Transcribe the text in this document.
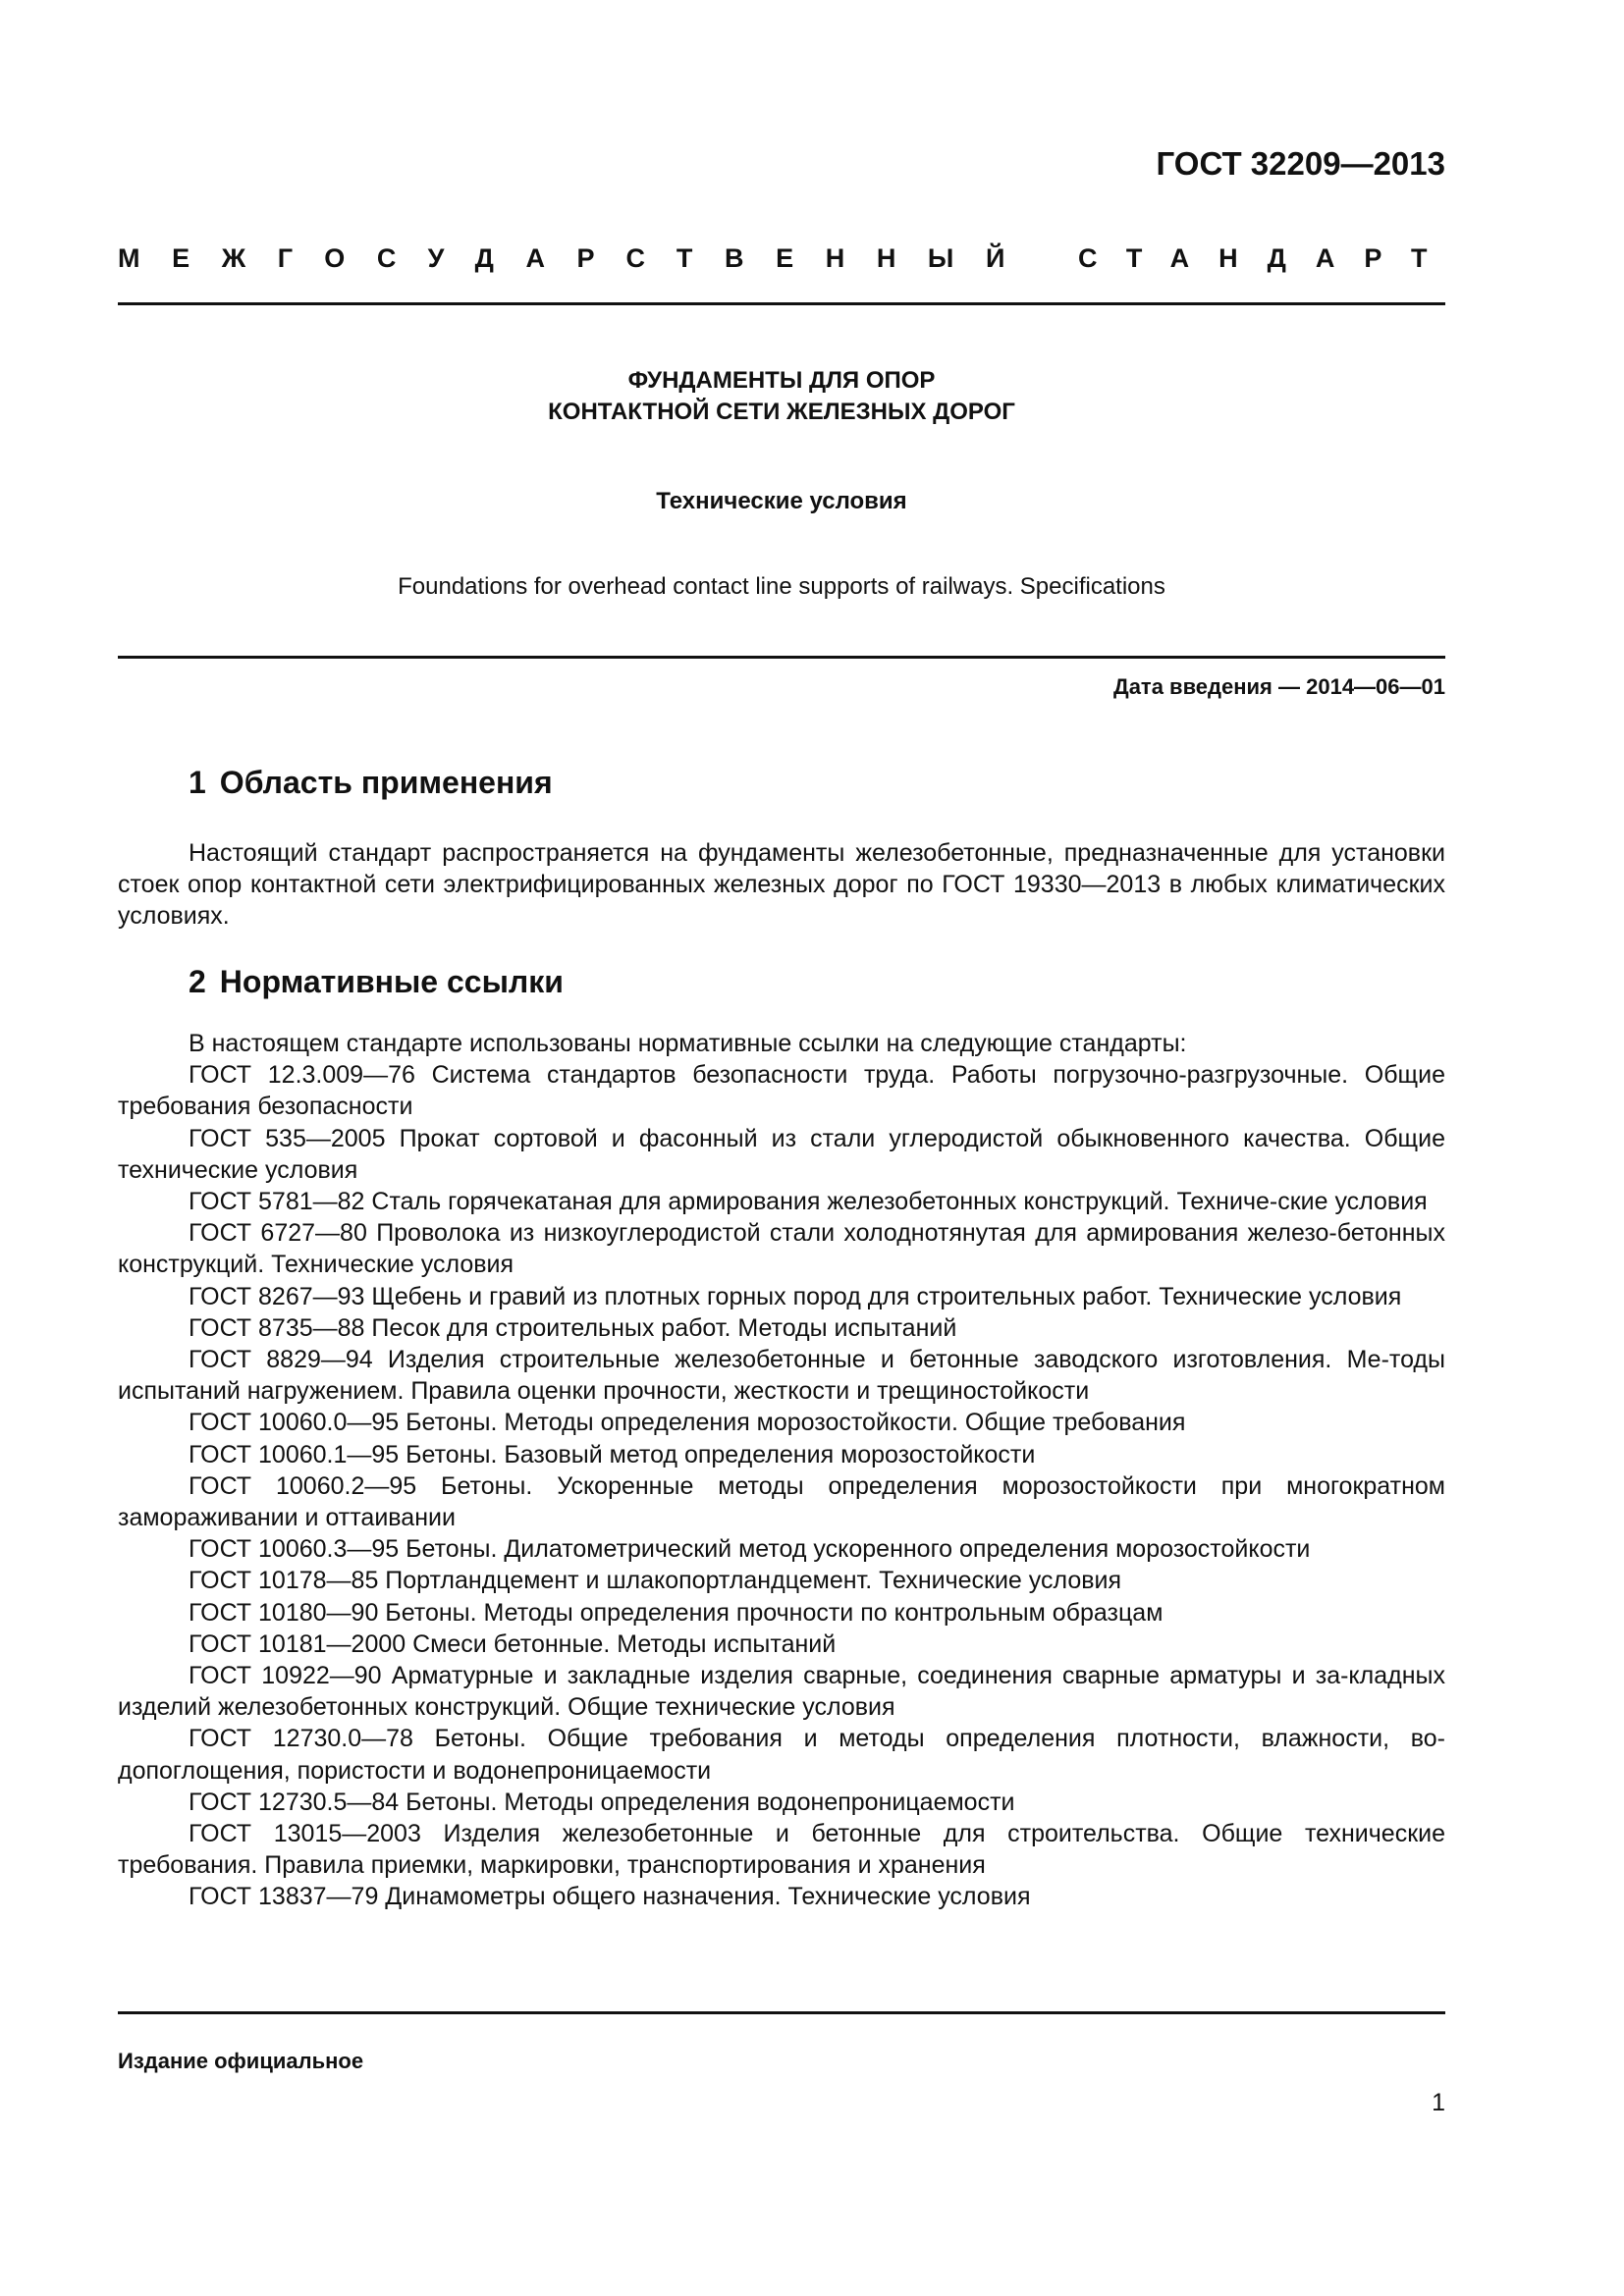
ГОСТ 32209—2013
МЕЖГОСУДАРСТВЕННЫЙ СТАНДАРТ
ФУНДАМЕНТЫ ДЛЯ ОПОР
КОНТАКТНОЙ СЕТИ ЖЕЛЕЗНЫХ ДОРОГ
Технические условия
Foundations for overhead contact line supports of railways. Specifications
Дата введения — 2014—06—01
1 Область применения

Настоящий стандарт распространяется на фундаменты железобетонные, предназначенные для установки стоек опор контактной сети электрифицированных железных дорог по ГОСТ 19330—2013 в любых климатических условиях.

2 Нормативные ссылки

В настоящем стандарте использованы нормативные ссылки на следующие стандарты:

ГОСТ 12.3.009—76 Система стандартов безопасности труда. Работы погрузочно-разгрузочные. Общие требования безопасности

ГОСТ 535—2005 Прокат сортовой и фасонный из стали углеродистой обыкновенного качества. Общие технические условия

ГОСТ 5781—82 Сталь горячекатаная для армирования железобетонных конструкций. Техниче-ские условия

ГОСТ 6727—80 Проволока из низкоуглеродистой стали холоднотянутая для армирования железо-бетонных конструкций. Технические условия

ГОСТ 8267—93 Щебень и гравий из плотных горных пород для строительных работ. Технические условия

ГОСТ 8735—88 Песок для строительных работ. Методы испытаний

ГОСТ 8829—94 Изделия строительные железобетонные и бетонные заводского изготовления. Ме-тоды испытаний нагружением. Правила оценки прочности, жесткости и трещиностойкости

ГОСТ 10060.0—95 Бетоны. Методы определения морозостойкости. Общие требования

ГОСТ 10060.1—95 Бетоны. Базовый метод определения морозостойкости

ГОСТ 10060.2—95 Бетоны. Ускоренные методы определения морозостойкости при многократном замораживании и оттаивании

ГОСТ 10060.3—95 Бетоны. Дилатометрический метод ускоренного определения морозостойкости

ГОСТ 10178—85 Портландцемент и шлакопортландцемент. Технические условия

ГОСТ 10180—90 Бетоны. Методы определения прочности по контрольным образцам

ГОСТ 10181—2000 Смеси бетонные. Методы испытаний

ГОСТ 10922—90 Арматурные и закладные изделия сварные, соединения сварные арматуры и за-кладных изделий железобетонных конструкций. Общие технические условия

ГОСТ 12730.0—78 Бетоны. Общие требования и методы определения плотности, влажности, во-допоглощения, пористости и водонепроницаемости

ГОСТ 12730.5—84 Бетоны. Методы определения водонепроницаемости

ГОСТ 13015—2003 Изделия железобетонные и бетонные для строительства. Общие технические требования. Правила приемки, маркировки, транспортирования и хранения

ГОСТ 13837—79 Динамометры общего назначения. Технические условия

Издание официальное
1
